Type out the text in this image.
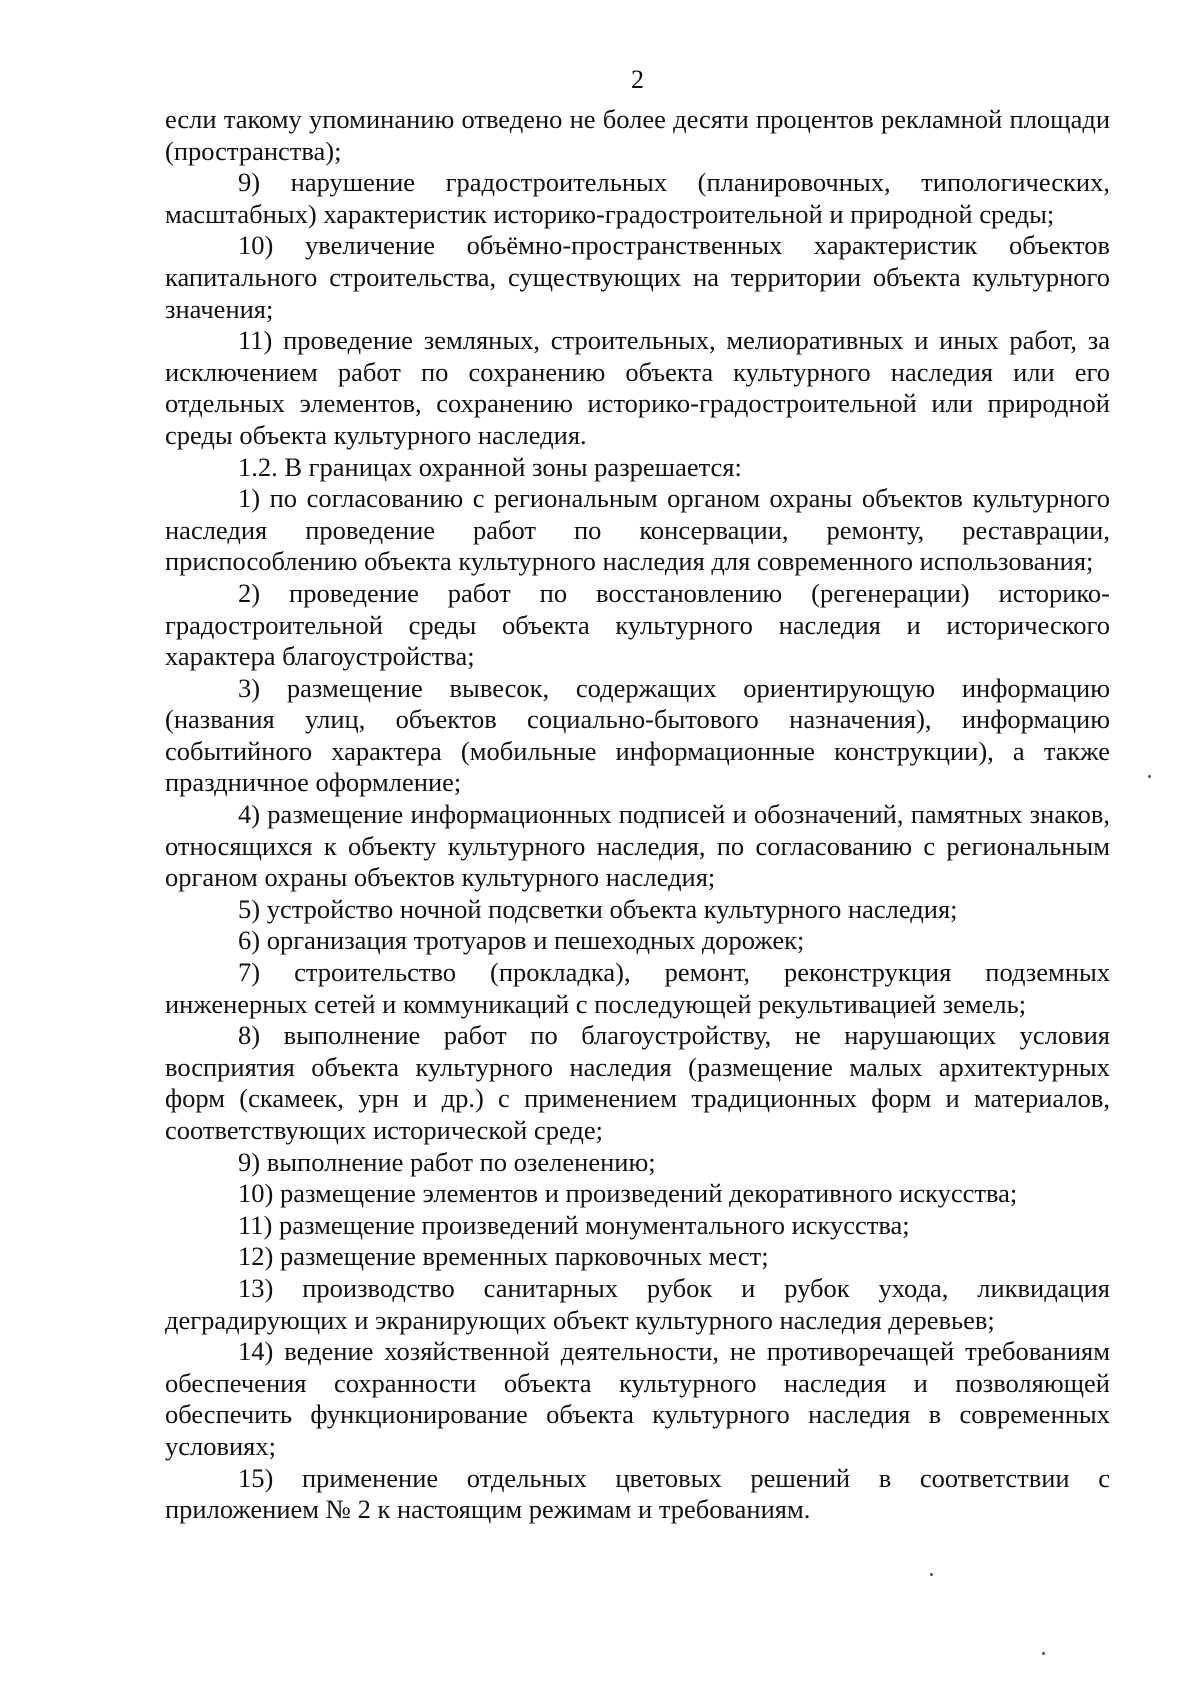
2

если такому упоминанию отведено не более десяти процентов рекламной площади (пространства);

9) нарушение градостроительных (планировочных, типологических, масштабных) характеристик историко-градостроительной и природной среды;

10) увеличение объёмно-пространственных характеристик объектов капитального строительства, существующих на территории объекта культурного значения;

11) проведение земляных, строительных, мелиоративных и иных работ, за исключением работ по сохранению объекта культурного наследия или его отдельных элементов, сохранению историко-градостроительной или природной среды объекта культурного наследия.

1.2. В границах охранной зоны разрешается:

1) по согласованию с региональным органом охраны объектов культурного наследия проведение работ по консервации, ремонту, реставрации, приспособлению объекта культурного наследия для современного использования;

2) проведение работ по восстановлению (регенерации) историко-градостроительной среды объекта культурного наследия и исторического характера благоустройства;

3) размещение вывесок, содержащих ориентирующую информацию (названия улиц, объектов социально-бытового назначения), информацию событийного характера (мобильные информационные конструкции), а также праздничное оформление;

4) размещение информационных подписей и обозначений, памятных знаков, относящихся к объекту культурного наследия, по согласованию с региональным органом охраны объектов культурного наследия;

5) устройство ночной подсветки объекта культурного наследия;

6) организация тротуаров и пешеходных дорожек;

7) строительство (прокладка), ремонт, реконструкция подземных инженерных сетей и коммуникаций с последующей рекультивацией земель;

8) выполнение работ по благоустройству, не нарушающих условия восприятия объекта культурного наследия (размещение малых архитектурных форм (скамеек, урн и др.) с применением традиционных форм и материалов, соответствующих исторической среде;

9) выполнение работ по озеленению;

10) размещение элементов и произведений декоративного искусства;

11) размещение произведений монументального искусства;

12) размещение временных парковочных мест;

13) производство санитарных рубок и рубок ухода, ликвидация деградирующих и экранирующих объект культурного наследия деревьев;

14) ведение хозяйственной деятельности, не противоречащей требованиям обеспечения сохранности объекта культурного наследия и позволяющей обеспечить функционирование объекта культурного наследия в современных условиях;

15) применение отдельных цветовых решений в соответствии с приложением № 2 к настоящим режимам и требованиям.
